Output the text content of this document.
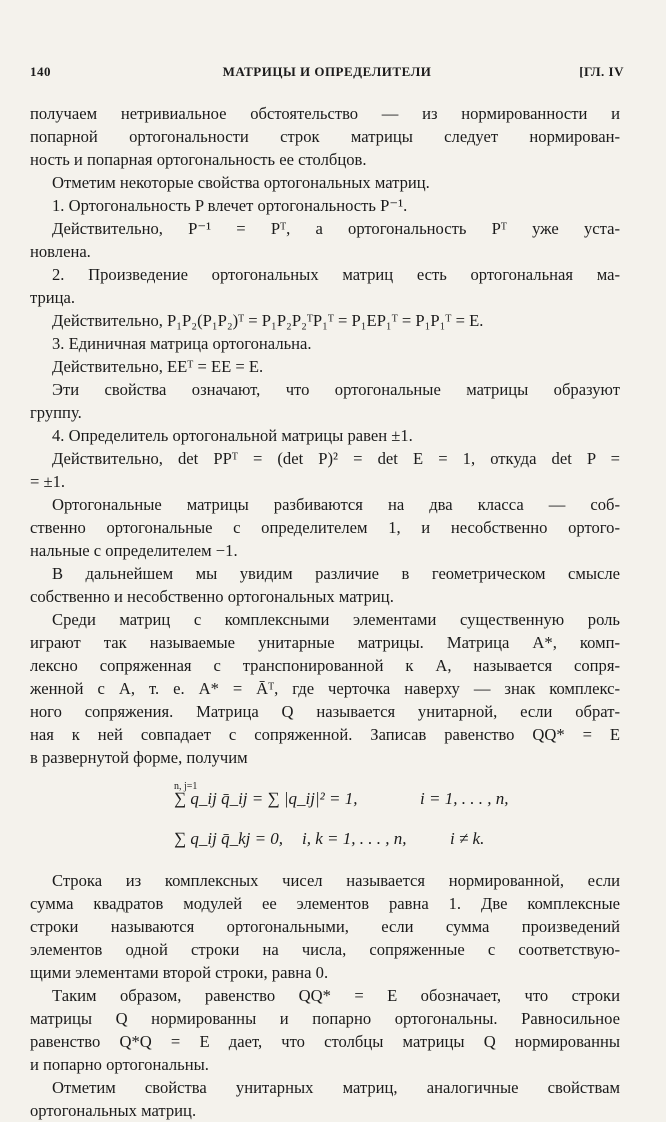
140	МАТРИЦЫ И ОПРЕДЕЛИТЕЛИ	[ГЛ. IV
получаем нетривиальное обстоятельство — из нормированности и
попарной ортогональности строк матрицы следует нормирован-
ность и попарная ортогональность ее столбцов.
Отметим некоторые свойства ортогональных матриц.
1. Ортогональность P влечет ортогональность P⁻¹.
Действительно, P⁻¹ = Pᵀ, а ортогональность Pᵀ уже уста-
новлена.
2. Произведение ортогональных матриц есть ортогональная ма-
трица.
Действительно, P₁P₂(P₁P₂)ᵀ = P₁P₂P₂ᵀP₁ᵀ = P₁EP₁ᵀ = P₁P₁ᵀ = E.
3. Единичная матрица ортогональна.
Действительно, EEᵀ = EE = E.
Эти свойства означают, что ортогональные матрицы образуют
группу.
4. Определитель ортогональной матрицы равен ±1.
Действительно, det PPᵀ = (det P)² = det E = 1, откуда det P =
= ±1.
Ортогональные матрицы разбиваются на два класса — соб-
ственно ортогональные с определителем 1, и несобственно ортого-
нальные с определителем −1.
В дальнейшем мы увидим различие в геометрическом смысле
собственно и несобственно ортогональных матриц.
Среди матриц с комплексными элементами существенную роль
играют так называемые унитарные матрицы. Матрица A*, комп-
лексно сопряженная с транспонированной к A, называется сопря-
женной с A, т. е. A* = Āᵀ, где черточка наверху — знак комплекс-
ного сопряжения. Матрица Q называется унитарной, если обрат-
ная к ней совпадает с сопряженной. Записав равенство QQ* = E
в развернутой форме, получим
∑ q_ij q̄_ij = ∑ |q_ij|² = 1,
n, j=1
i = 1, . . . , n,
∑ q_ij q̄_kj = 0, i, k = 1, . . . , n,	i ≠ k.
Строка из комплексных чисел называется нормированной, если
сумма квадратов модулей ее элементов равна 1. Две комплексные
строки называются ортогональными, если сумма произведений
элементов одной строки на числа, сопряженные с соответствую-
щими элементами второй строки, равна 0.
Таким образом, равенство QQ* = E обозначает, что строки
матрицы Q нормированны и попарно ортогональны. Равносильное
равенство Q*Q = E дает, что столбцы матрицы Q нормированны
и попарно ортогональны.
Отметим свойства унитарных матриц, аналогичные свойствам
ортогональных матриц.
